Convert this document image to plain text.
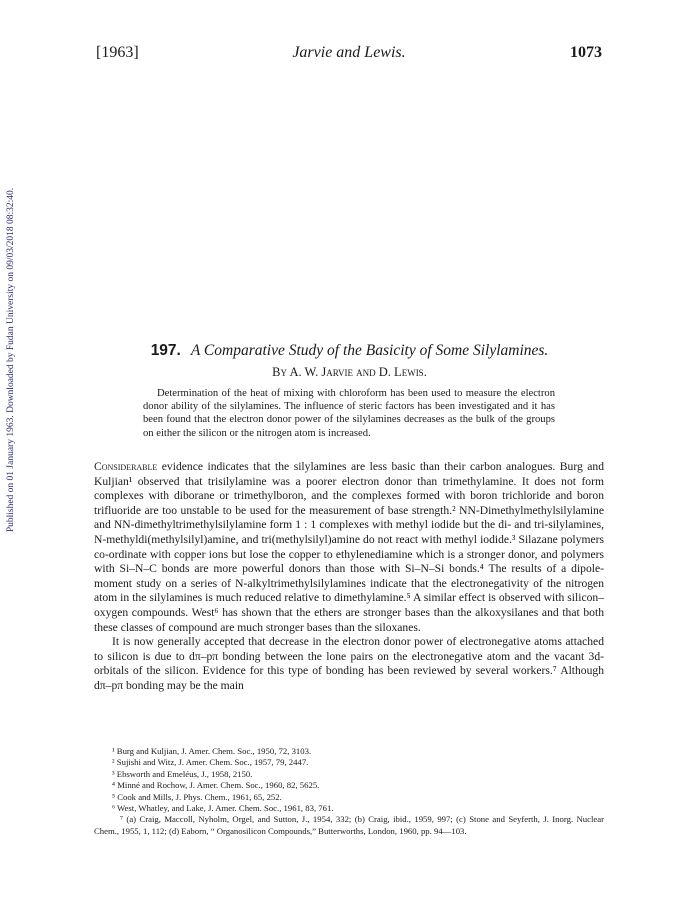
Published on 01 January 1963. Downloaded by Fudan University on 09/03/2018 08:32:40.
[1963]	Jarvie and Lewis.	1073
197. A Comparative Study of the Basicity of Some Silylamines.
By A. W. Jarvie and D. Lewis.

Determination of the heat of mixing with chloroform has been used to measure the electron donor ability of the silylamines. The influence of steric factors has been investigated and it has been found that the electron donor power of the silylamines decreases as the bulk of the groups on either the silicon or the nitrogen atom is increased.

Considerable evidence indicates that the silylamines are less basic than their carbon analogues. Burg and Kuljian¹ observed that trisilylamine was a poorer electron donor than trimethylamine. It does not form complexes with diborane or trimethylboron, and the complexes formed with boron trichloride and boron trifluoride are too unstable to be used for the measurement of base strength.² NN-Dimethylmethylsilylamine and NN-dimethyltrimethylsilylamine form 1 : 1 complexes with methyl iodide but the di- and tri-silylamines, N-methyldi(methylsilyl)amine, and tri(methylsilyl)amine do not react with methyl iodide.³ Silazane polymers co-ordinate with copper ions but lose the copper to ethylenediamine which is a stronger donor, and polymers with Si–N–C bonds are more powerful donors than those with Si–N–Si bonds.⁴ The results of a dipole-moment study on a series of N-alkyltrimethylsilylamines indicate that the electronegativity of the nitrogen atom in the silylamines is much reduced relative to dimethylamine.⁵ A similar effect is observed with silicon–oxygen compounds. West⁶ has shown that the ethers are stronger bases than the alkoxysilanes and that both these classes of compound are much stronger bases than the siloxanes.

It is now generally accepted that decrease in the electron donor power of electronegative atoms attached to silicon is due to dπ–pπ bonding between the lone pairs on the electronegative atom and the vacant 3d-orbitals of the silicon. Evidence for this type of bonding has been reviewed by several workers.⁷ Although dπ–pπ bonding may be the main

¹ Burg and Kuljian, J. Amer. Chem. Soc., 1950, 72, 3103.

² Sujishi and Witz, J. Amer. Chem. Soc., 1957, 79, 2447.

³ Ebsworth and Emeléus, J., 1958, 2150.

⁴ Minné and Rochow, J. Amer. Chem. Soc., 1960, 82, 5625.

⁵ Cook and Mills, J. Phys. Chem., 1961, 65, 252.

⁶ West, Whatley, and Lake, J. Amer. Chem. Soc., 1961, 83, 761.

⁷ (a) Craig, Maccoll, Nyholm, Orgel, and Sutton, J., 1954, 332; (b) Craig, ibid., 1959, 997; (c) Stone and Seyferth, J. Inorg. Nuclear Chem., 1955, 1, 112; (d) Eaborn, “ Organosilicon Compounds,” Butterworths, London, 1960, pp. 94—103.
